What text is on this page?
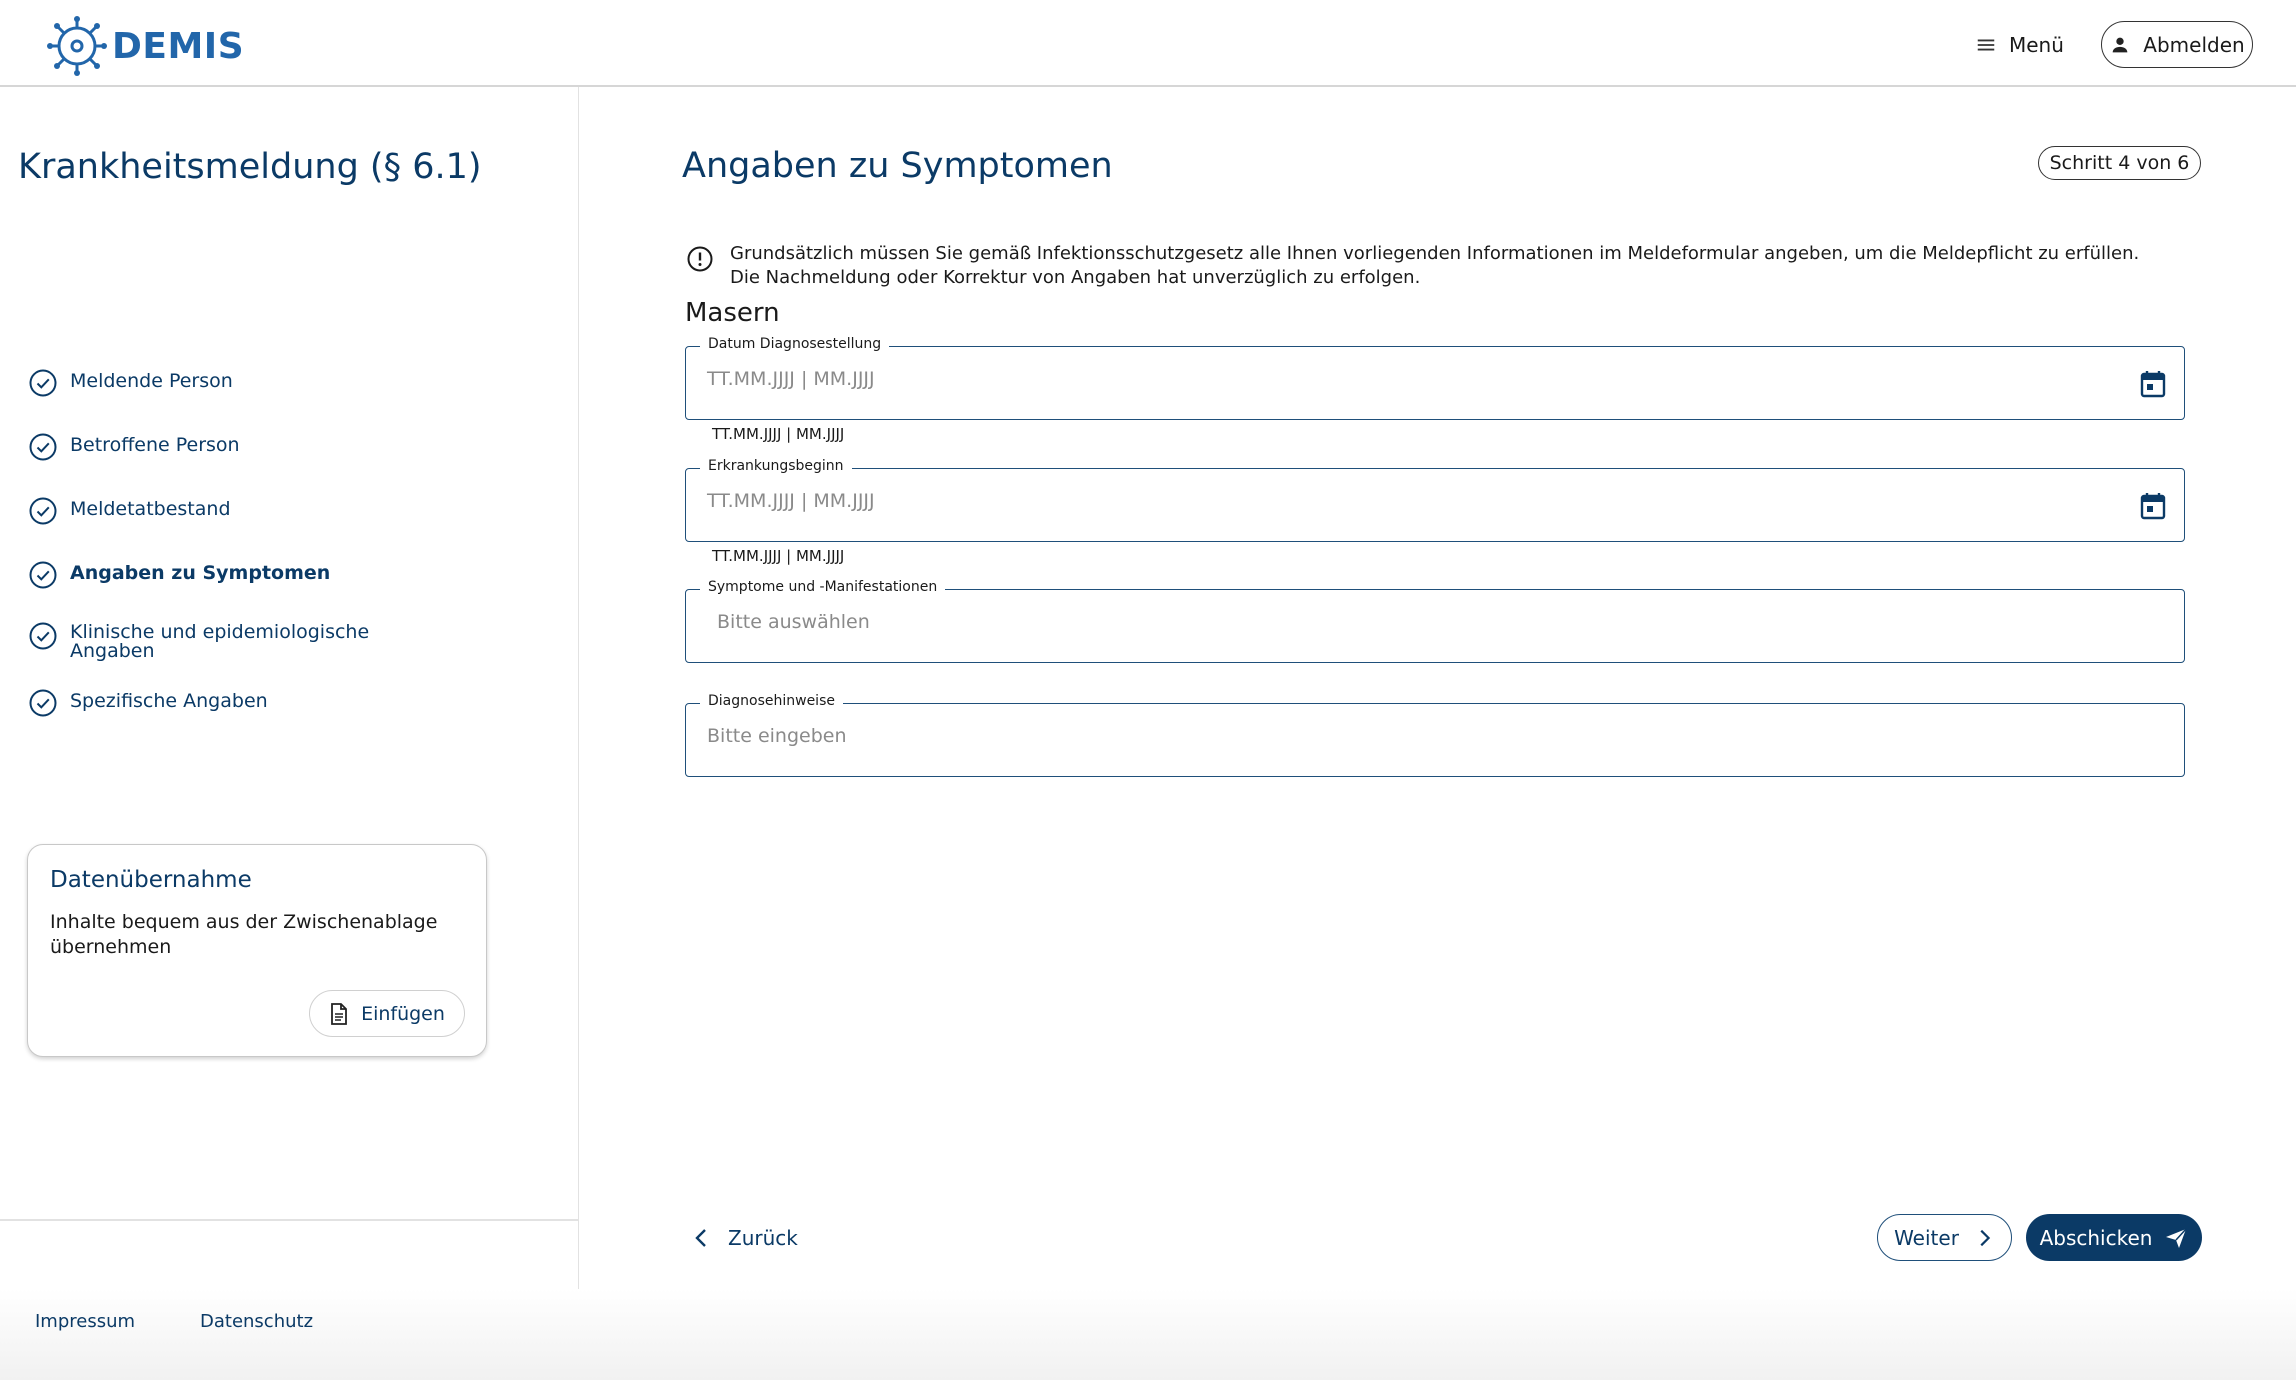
DEMIS	Menü	Abmelden
Krankheitsmeldung (§ 6.1)
Meldende Person
Betroffene Person
Meldetatbestand
Angaben zu Symptomen
Klinische und epidemiologische
Angaben
Spezifische Angaben
Datenübernahme
Inhalte bequem aus der Zwischenablage übernehmen
Einfügen
Impressum	Datenschutz
Angaben zu Symptomen	Schritt 4 von 6
Grundsätzlich müssen Sie gemäß Infektionsschutzgesetz alle Ihnen vorliegenden Informationen im Meldeformular angeben, um die Meldepflicht zu erfüllen. Die Nachmeldung oder Korrektur von Angaben hat unverzüglich zu erfolgen.
Masern
Datum Diagnosestellung
TT.MM.JJJJ | MM.JJJJ
TT.MM.JJJJ | MM.JJJJ
Erkrankungsbeginn
TT.MM.JJJJ | MM.JJJJ
TT.MM.JJJJ | MM.JJJJ
Symptome und -Manifestationen
Bitte auswählen
Bitte eingeben
Diagnosehinweise
Zurück	Weiter	Abschicken
